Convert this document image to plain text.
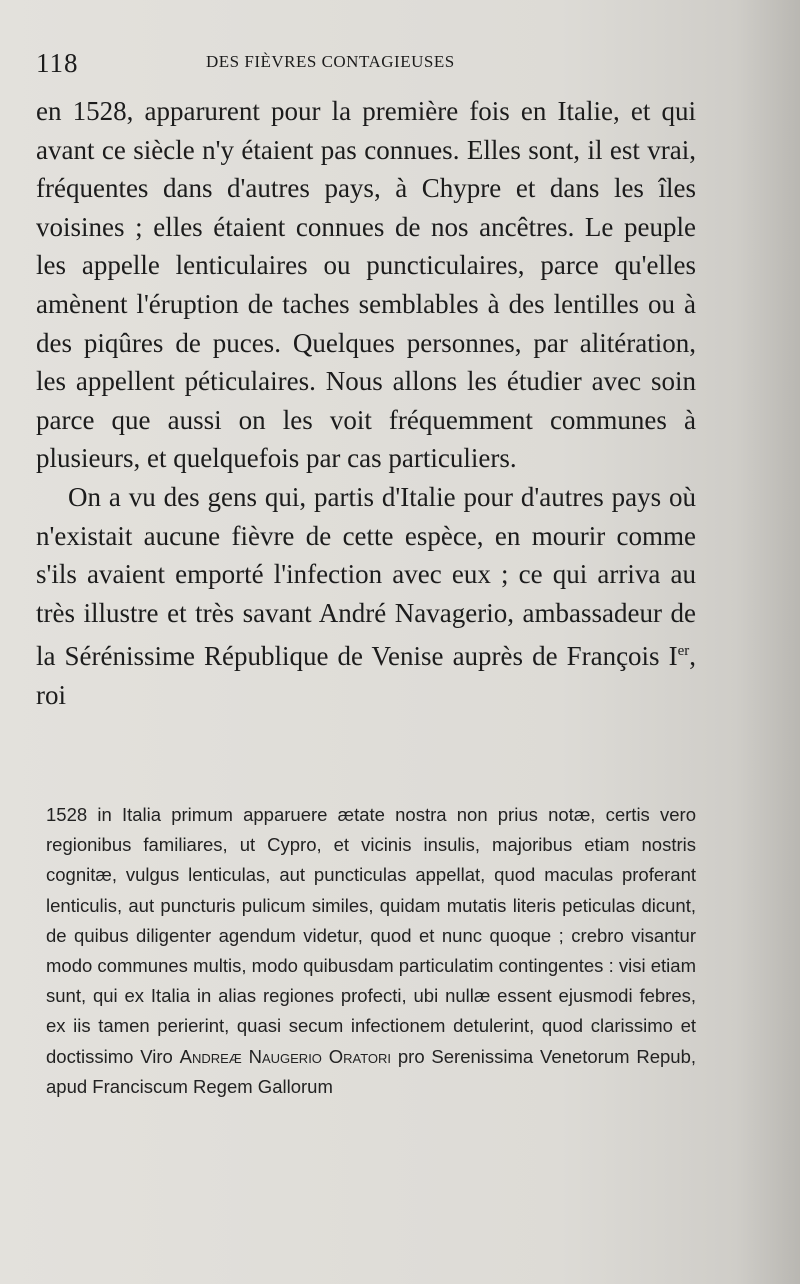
118	DES FIÈVRES CONTAGIEUSES

en 1528, apparurent pour la première fois en Italie, et qui avant ce siècle n'y étaient pas connues. Elles sont, il est vrai, fréquentes dans d'autres pays, à Chypre et dans les îles voisines ; elles étaient connues de nos ancêtres. Le peuple les appelle lenticulaires ou puncticulaires, parce qu'elles amènent l'éruption de taches semblables à des lentilles ou à des piqûres de puces. Quelques personnes, par alitération, les appellent péticulaires. Nous allons les étudier avec soin parce que aussi on les voit fréquemment communes à plusieurs, et quelquefois par cas particuliers.

On a vu des gens qui, partis d'Italie pour d'autres pays où n'existait aucune fièvre de cette espèce, en mourir comme s'ils avaient emporté l'infection avec eux ; ce qui arriva au très illustre et très savant André Navagerio, ambassadeur de la Sérénissime République de Venise auprès de François Ier, roi

1528 in Italia primum apparuere ætate nostra non prius notæ, certis vero regionibus familiares, ut Cypro, et vicinis insulis, majoribus etiam nostris cognitæ, vulgus lenticulas, aut puncticulas appellat, quod maculas proferant lenticulis, aut puncturis pulicum similes, quidam mutatis literis peticulas dicunt, de quibus diligenter agendum videtur, quod et nunc quoque ; crebro visantur modo communes multis, modo quibusdam particulatim contingentes : visi etiam sunt, qui ex Italia in alias regiones profecti, ubi nullæ essent ejusmodi febres, ex iis tamen perierint, quasi secum infectionem detulerint, quod clarissimo et doctissimo Viro Andreæ Naugerio Oratori pro Serenissima Venetorum Repub, apud Franciscum Regem Gallorum
